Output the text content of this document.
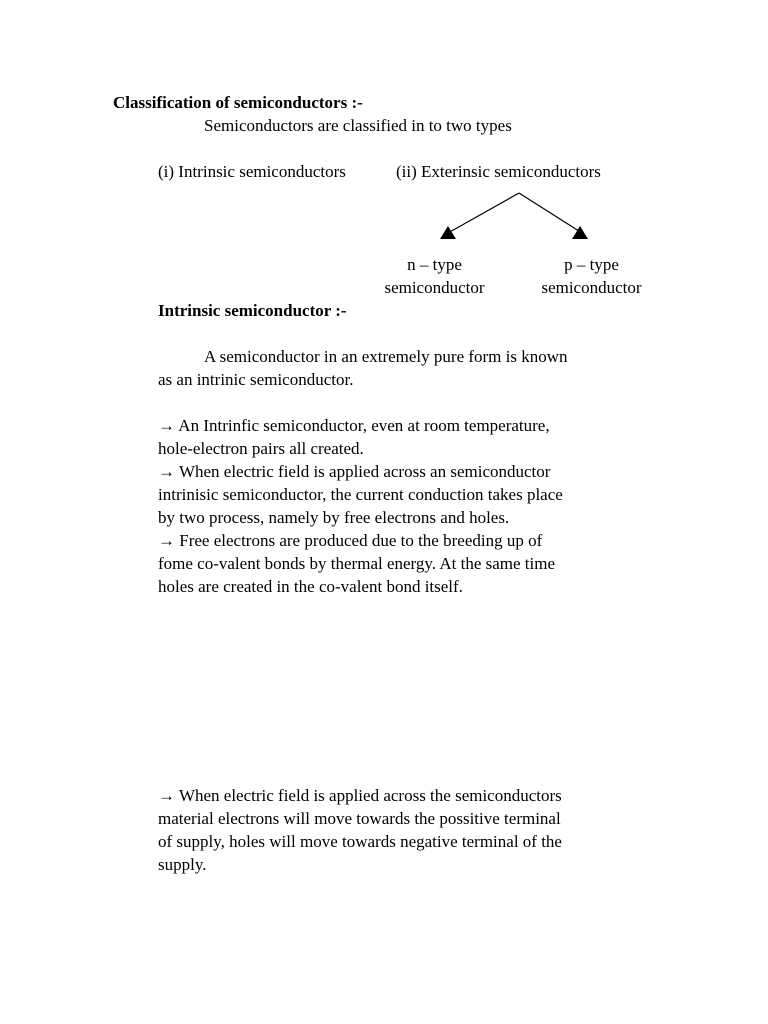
Classification of semiconductors :-
Semiconductors are classified in to two types
(i) Intrinsic semiconductors	(ii) Exterinsic semiconductors
n – type
semiconductor
p – type
semiconductor
Intrinsic semiconductor :-
A semiconductor in an extremely pure form is known
as an intrinic semiconductor.
→ An Intrinfic semiconductor, even at room temperature,
hole-electron pairs all created.
→ When electric field is applied across an semiconductor
intrinisic semiconductor, the current conduction takes place
by two process, namely by free electrons and holes.
→ Free electrons are produced due to the breeding up of
fome co-valent bonds by thermal energy. At the same time
holes are created in the co-valent bond itself.
→ When electric field is applied across the semiconductors
material electrons will move towards the possitive terminal
of supply, holes will move towards negative terminal of the
supply.
